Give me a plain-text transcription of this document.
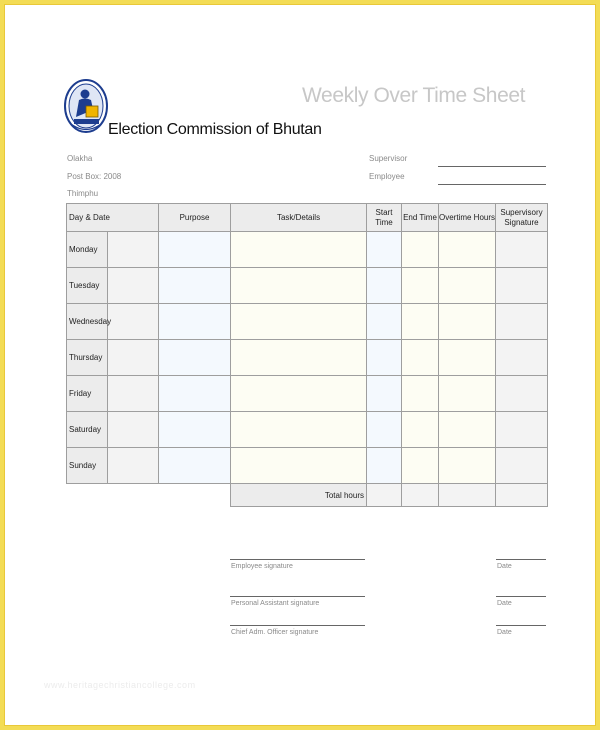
Election Commission of Bhutan
Weekly Over Time Sheet
Olakha
Post Box: 2008
Thimphu
Supervisor
Employee
Day & Date		Purpose	Task/Details	Start Time	End Time	Overtime Hours	Supervisory Signature
Monday							
Tuesday							
Wednesday							
Thursday							
Friday							
Saturday							
Sunday							
			Total hours				
Employee signature	Date
Personal Assistant signature	Date
Chief Adm. Officer signature	Date
www.heritagechristiancollege.com
